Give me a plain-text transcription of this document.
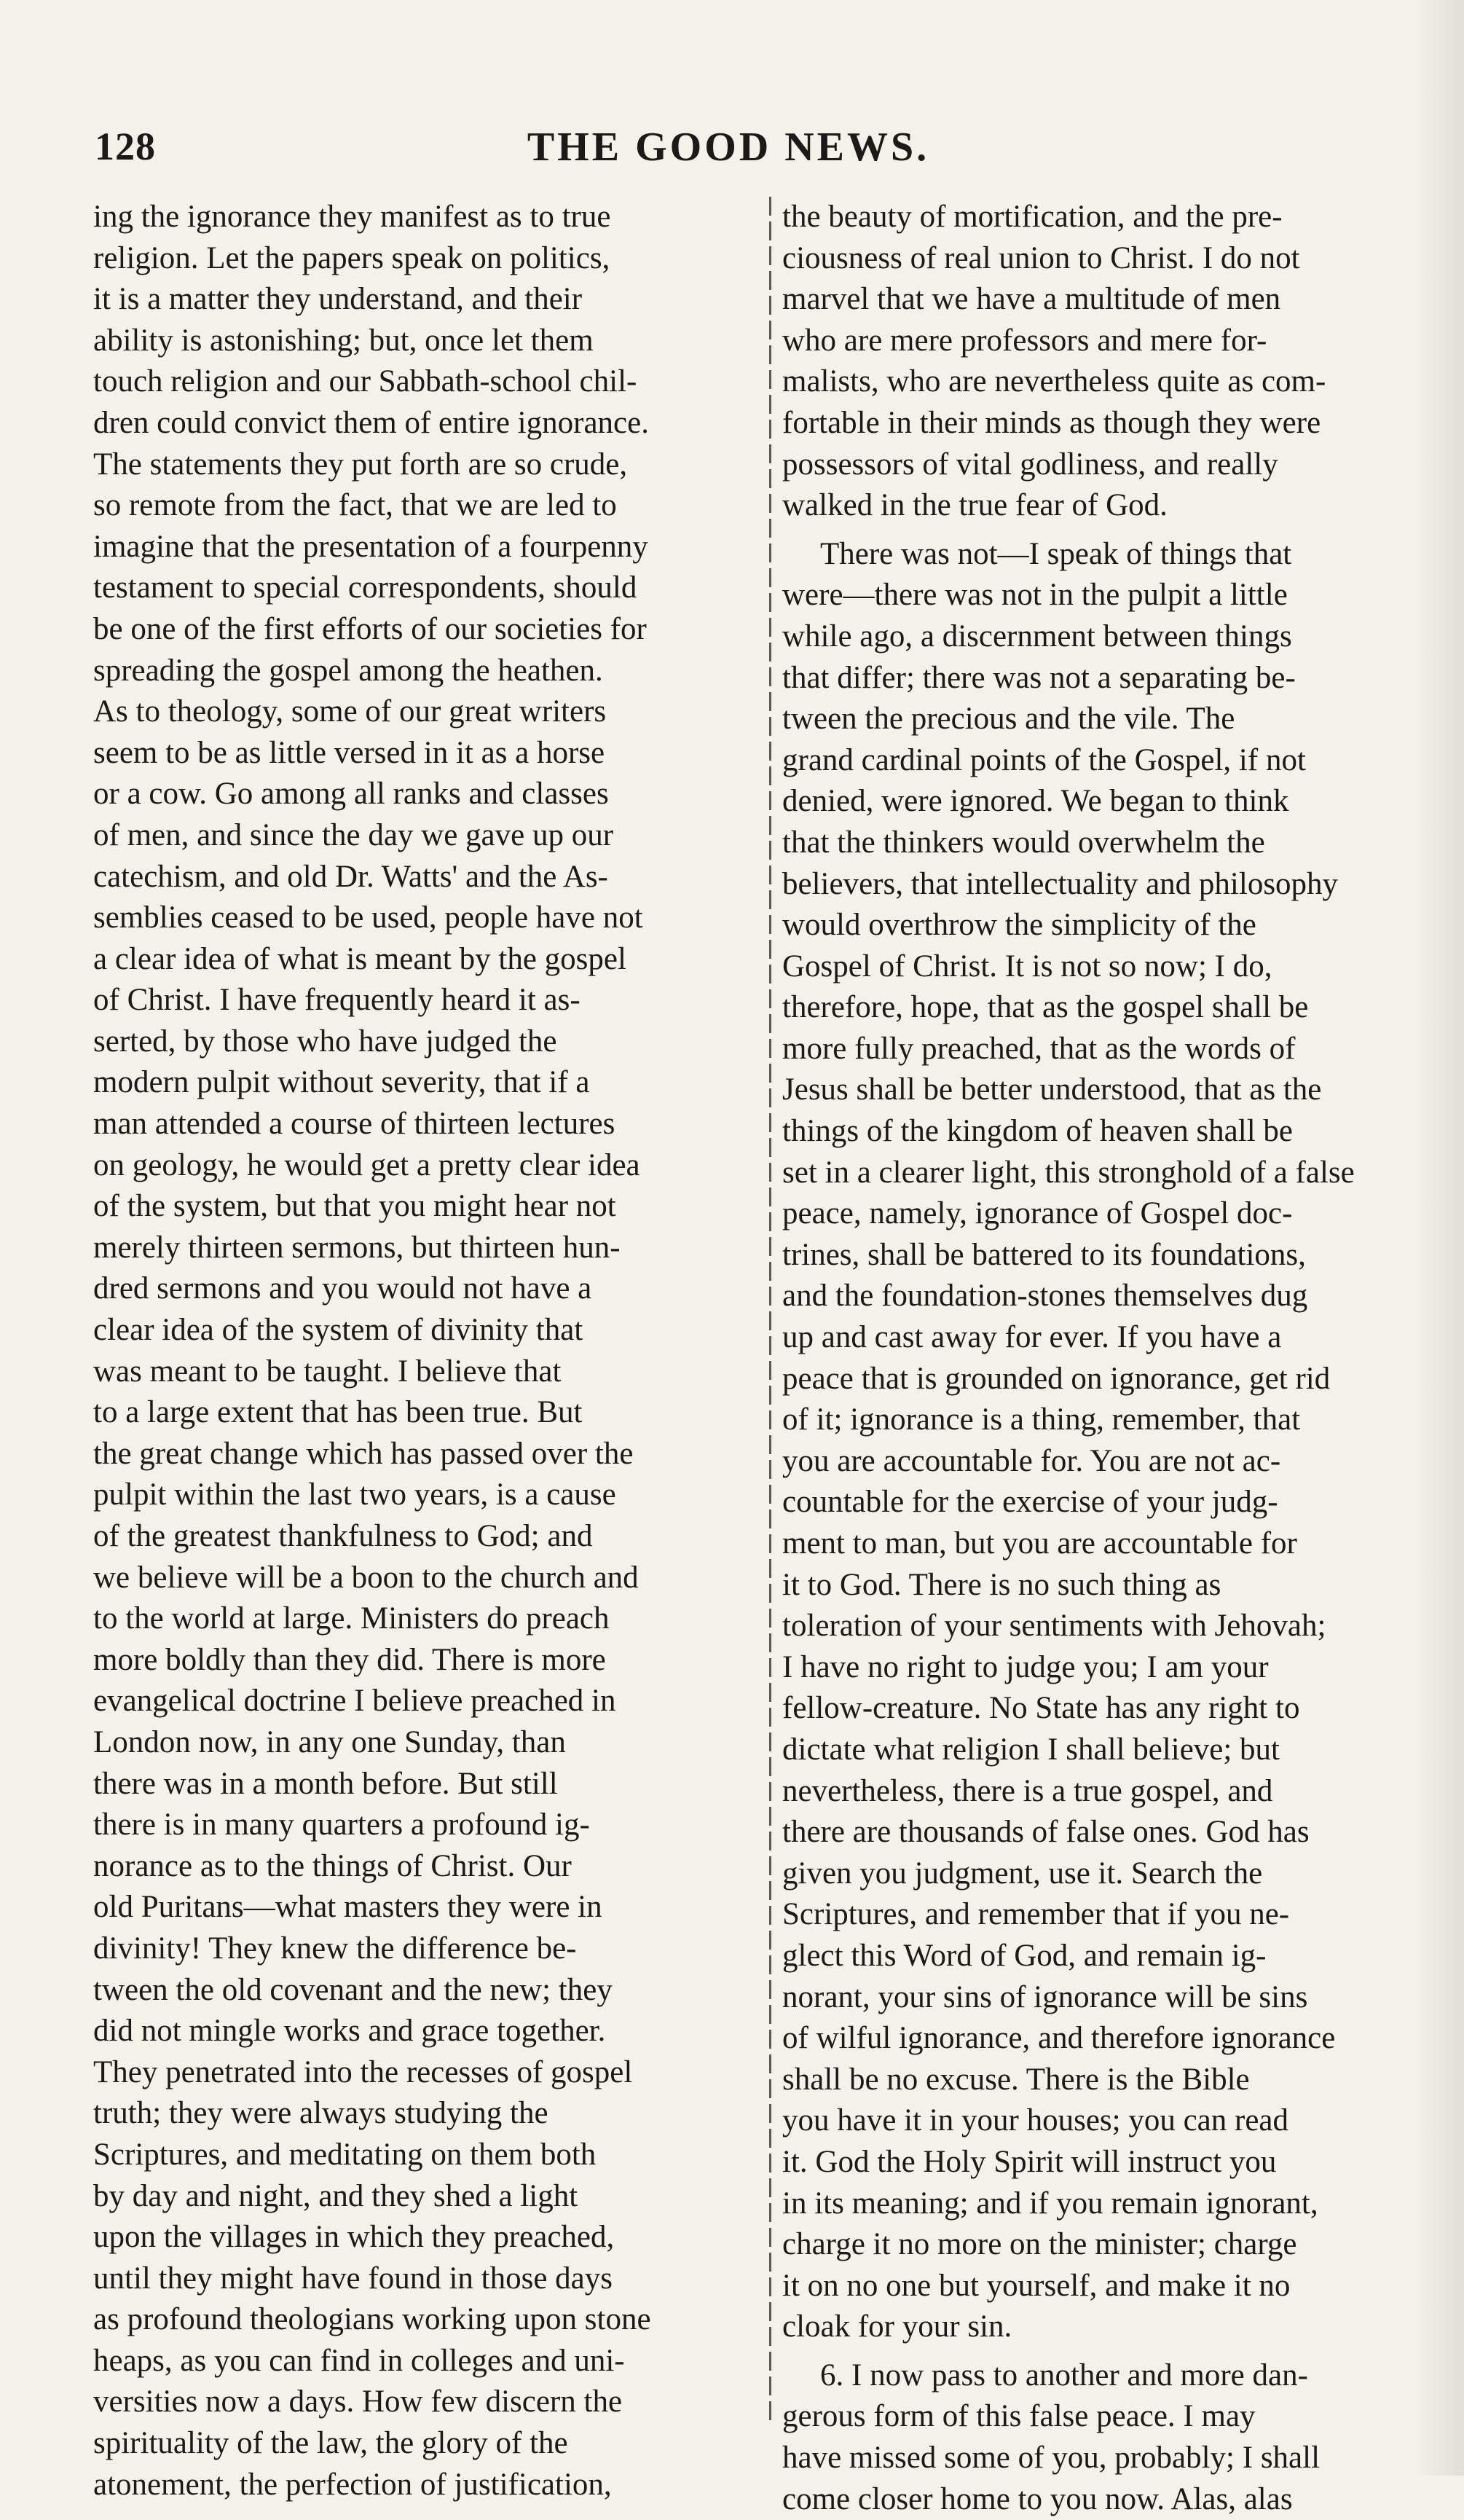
128	THE GOOD NEWS.
ing the ignorance they manifest as to true
religion. Let the papers speak on politics,
it is a matter they understand, and their
ability is astonishing; but, once let them
touch religion and our Sabbath-school chil-
dren could convict them of entire ignorance.
The statements they put forth are so crude,
so remote from the fact, that we are led to
imagine that the presentation of a fourpenny
testament to special correspondents, should
be one of the first efforts of our societies for
spreading the gospel among the heathen.
As to theology, some of our great writers
seem to be as little versed in it as a horse
or a cow. Go among all ranks and classes
of men, and since the day we gave up our
catechism, and old Dr. Watts' and the As-
semblies ceased to be used, people have not
a clear idea of what is meant by the gospel
of Christ. I have frequently heard it as-
serted, by those who have judged the
modern pulpit without severity, that if a
man attended a course of thirteen lectures
on geology, he would get a pretty clear idea
of the system, but that you might hear not
merely thirteen sermons, but thirteen hun-
dred sermons and you would not have a
clear idea of the system of divinity that
was meant to be taught. I believe that
to a large extent that has been true. But
the great change which has passed over the
pulpit within the last two years, is a cause
of the greatest thankfulness to God; and
we believe will be a boon to the church and
to the world at large. Ministers do preach
more boldly than they did. There is more
evangelical doctrine I believe preached in
London now, in any one Sunday, than
there was in a month before. But still
there is in many quarters a profound ig-
norance as to the things of Christ. Our
old Puritans—what masters they were in
divinity! They knew the difference be-
tween the old covenant and the new; they
did not mingle works and grace together.
They penetrated into the recesses of gospel
truth; they were always studying the
Scriptures, and meditating on them both
by day and night, and they shed a light
upon the villages in which they preached,
until they might have found in those days
as profound theologians working upon stone
heaps, as you can find in colleges and uni-
versities now a days. How few discern the
spirituality of the law, the glory of the
atonement, the perfection of justification,
the beauty of mortification, and the pre-
ciousness of real union to Christ. I do not
marvel that we have a multitude of men
who are mere professors and mere for-
malists, who are nevertheless quite as com-
fortable in their minds as though they were
possessors of vital godliness, and really
walked in the true fear of God.
There was not—I speak of things that
were—there was not in the pulpit a little
while ago, a discernment between things
that differ; there was not a separating be-
tween the precious and the vile. The
grand cardinal points of the Gospel, if not
denied, were ignored. We began to think
that the thinkers would overwhelm the
believers, that intellectuality and philosophy
would overthrow the simplicity of the
Gospel of Christ. It is not so now; I do,
therefore, hope, that as the gospel shall be
more fully preached, that as the words of
Jesus shall be better understood, that as the
things of the kingdom of heaven shall be
set in a clearer light, this stronghold of a false
peace, namely, ignorance of Gospel doc-
trines, shall be battered to its foundations,
and the foundation-stones themselves dug
up and cast away for ever. If you have a
peace that is grounded on ignorance, get rid
of it; ignorance is a thing, remember, that
you are accountable for. You are not ac-
countable for the exercise of your judg-
ment to man, but you are accountable for
it to God. There is no such thing as
toleration of your sentiments with Jehovah;
I have no right to judge you; I am your
fellow-creature. No State has any right to
dictate what religion I shall believe; but
nevertheless, there is a true gospel, and
there are thousands of false ones. God has
given you judgment, use it. Search the
Scriptures, and remember that if you ne-
glect this Word of God, and remain ig-
norant, your sins of ignorance will be sins
of wilful ignorance, and therefore ignorance
shall be no excuse. There is the Bible
you have it in your houses; you can read
it. God the Holy Spirit will instruct you
in its meaning; and if you remain ignorant,
charge it no more on the minister; charge
it on no one but yourself, and make it no
cloak for your sin.
6. I now pass to another and more dan-
gerous form of this false peace. I may
have missed some of you, probably; I shall
come closer home to you now. Alas, alas
